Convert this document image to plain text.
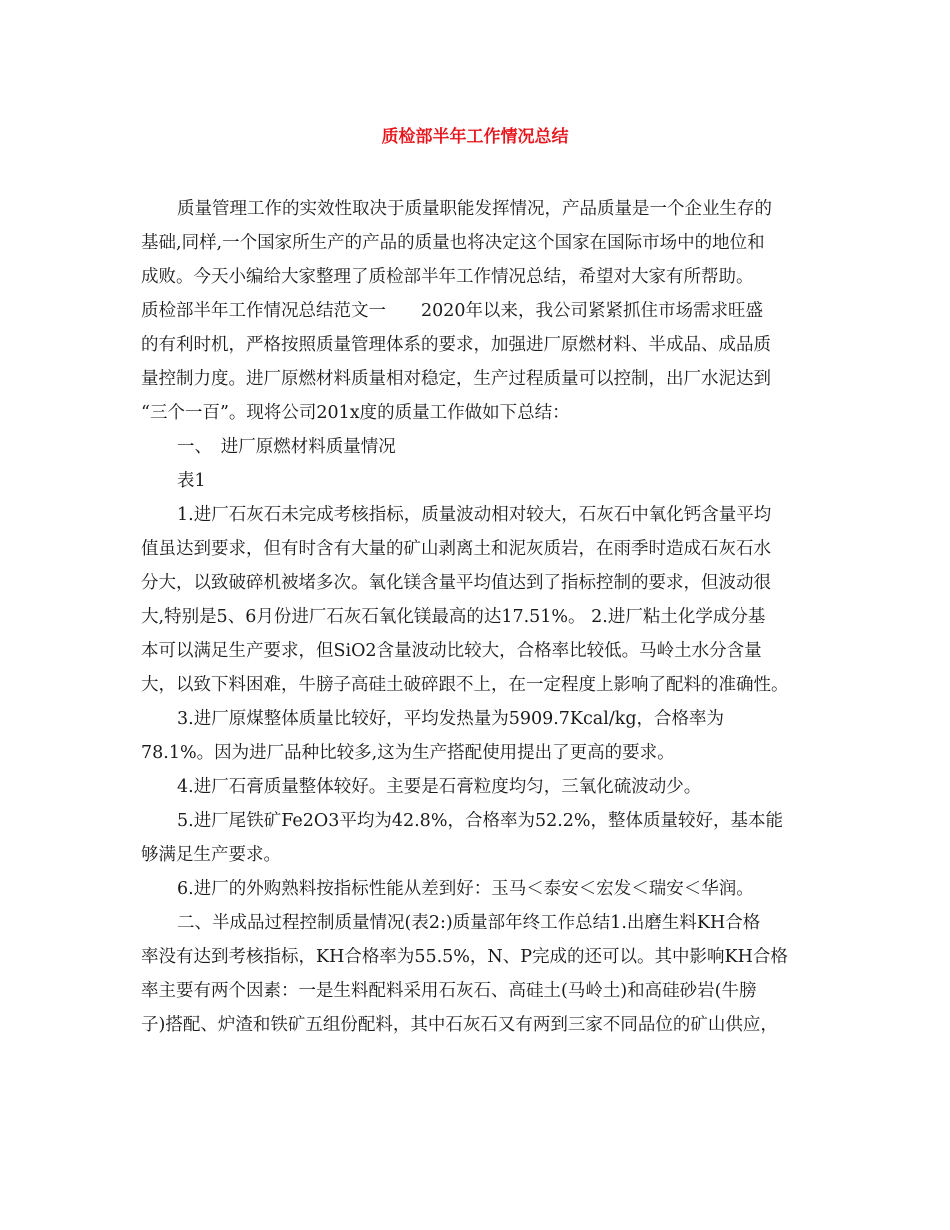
质检部半年工作情况总结

质量管理工作的实效性取决于质量职能发挥情况，产品质量是一个企业生存的

基础,同样,一个国家所生产的产品的质量也将决定这个国家在国际市场中的地位和

成败。今天小编给大家整理了质检部半年工作情况总结，希望对大家有所帮助。

质检部半年工作情况总结范文一　　2020年以来，我公司紧紧抓住市场需求旺盛

的有利时机，严格按照质量管理体系的要求，加强进厂原燃材料、半成品、成品质

量控制力度。进厂原燃材料质量相对稳定，生产过程质量可以控制，出厂水泥达到

“三个一百”。现将公司201x度的质量工作做如下总结：

一、　进厂原燃材料质量情况

表1

1.进厂石灰石未完成考核指标，质量波动相对较大，石灰石中氧化钙含量平均

值虽达到要求，但有时含有大量的矿山剥离土和泥灰质岩，在雨季时造成石灰石水

分大，以致破碎机被堵多次。氧化镁含量平均值达到了指标控制的要求，但波动很

大,特别是5、6月份进厂石灰石氧化镁最高的达17.51%。 2.进厂粘土化学成分基

本可以满足生产要求，但SiO2含量波动比较大，合格率比较低。马岭土水分含量

大，以致下料困难，牛膀子高硅土破碎跟不上，在一定程度上影响了配料的准确性。

3.进厂原煤整体质量比较好，平均发热量为5909.7Kcal/kg，合格率为

78.1%。因为进厂品种比较多,这为生产搭配使用提出了更高的要求。

4.进厂石膏质量整体较好。主要是石膏粒度均匀，三氧化硫波动少。

5.进厂尾铁矿Fe2O3平均为42.8%，合格率为52.2%，整体质量较好，基本能

够满足生产要求。

6.进厂的外购熟料按指标性能从差到好：玉马＜泰安＜宏发＜瑞安＜华润。

二、半成品过程控制质量情况(表2:)质量部年终工作总结1.出磨生料KH合格

率没有达到考核指标，KH合格率为55.5%，N、P完成的还可以。其中影响KH合格

率主要有两个因素：一是生料配料采用石灰石、高硅土(马岭土)和高硅砂岩(牛膀

子)搭配、炉渣和铁矿五组份配料，其中石灰石又有两到三家不同品位的矿山供应，
